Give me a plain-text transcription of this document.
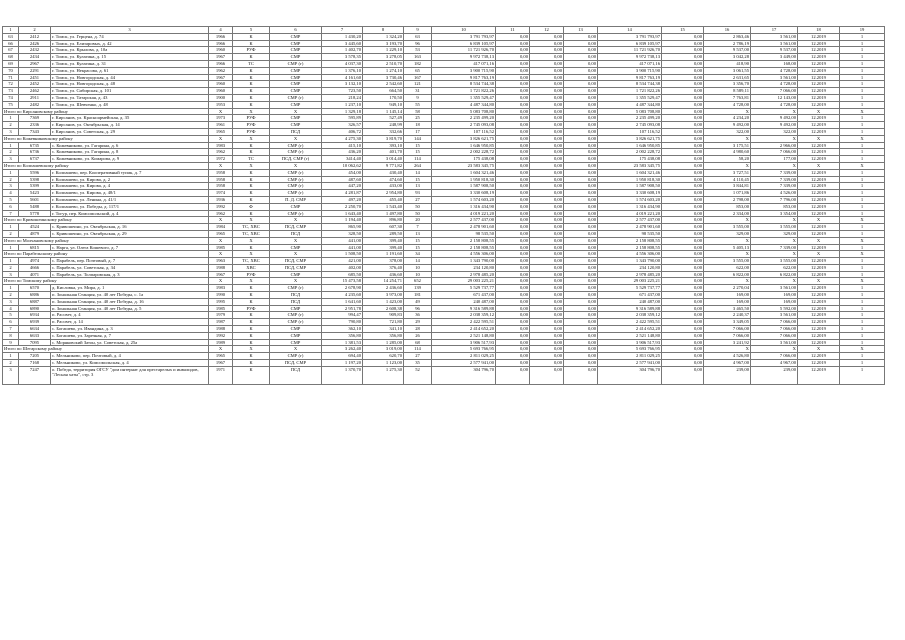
1	2	3	4	5	6	7	8	9	10	11	12	13	14	15	16	17	18	19
63	2412	г. Томск, ул. Герцена, д. 74	1966	К	СМР	1 430,20	1 324,20	63	3 791 793,97	0,00	0,00	0,00	3 791 793,97	0,00	2 863,46	3 561,00	12.2019	1
66	2426	г. Томск, ул. Елизаровых, д. 42	1966	К	СМР	3 445,60	3 193,70	96	6 839 105,97	0,00	0,00	0,00	6 839 105,97	0,00	2 786,19	3 561,00	12.2019	1
67	2432	г. Томск, ул. Крылова, д. 10а	1960	РУФ	СМР	1 402,70	1 229,10	53	11 721 926,70	0,00	0,00	0,00	11 721 926,70	0,00	9 537,00	9 537,00	12.2019	1
68	2434	г. Томск, ул. Кулагина, д. 15	1967	К	СМР	3 578,35	3 278,05	163	9 972 738,13	0,00	0,00	0,00	9 972 738,13	0,00	3 042,28	3 449,00	12.2019	1
69	2967	г. Томск, ул. Кулагина, д. 31	1966	ТС	СМР (г)	4 037,30	2 510,70	182	417 071,16	0,00	0,00	0,00	417 071,16	0,00	418,90	168,00	12.2019	1
70	2291	г. Томск, ул. Некрасова, д. 61	1962	К	СМР	1 376,10	1 274,10	65	3 900 715,90	0,00	0,00	0,00	3 900 715,90	0,00	3 061,55	4 728,00	12.2019	1
71	2451	г. Томск, ул. Новгородская, д. 44	1967	К	СМР	4 161,60	3 730,46	167	9 817 763,19	0,00	0,00	0,00	9 817 763,19	0,00	2 631,65	3 561,00	12.2019	1
72	2452	г. Томск, ул. Новгородская, д. 48	1960	К	СМР	3 132,10	2 542,60	121	8 534 744,38	0,00	0,00	0,00	8 534 744,38	0,00	3 356,70	4 728,00	12.2019	1
73	2462	г. Томск, ул. Сибирская, д. 101	1960	К	СМР	723,50	664,50	31	1 721 822,26	0,00	0,00	0,00	1 721 822,26	0,00	8 589,11	7 066,00	12.2019	1
74	2911	г. Томск, ул. Татарская, д. 43	1900	К	СМР (г)	218,24	170,50	9	1 355 529,47	0,00	0,00	0,00	1 355 529,47	0,00	7 763,81	12 143,00	12.2019	1
75	2482	г. Томск, ул. Шевченко, д. 48	1953	К	СМР	1 237,10	949,10	55	4 487 344,80	0,00	0,00	0,00	4 487 344,80	0,00	4 728,00	4 728,00	12.2019	1
Итого по Кирсановскому району			X	X	X	1 329,18	1 145,14	58	5 083 708,80	0,00	0,00	0,00	5 083 708,80	0,00	X	X	X	X
1	7369	г. Кирсанов, ул. Красноармейская, д. 35	1973	РУФ	СМР	595,89	527,49	25	2 235 499,20	0,00	0,00	0,00	2 235 499,20	0,00	4 234,20	9 492,00	12.2019	1
2	2336	г. Кирсанов, ул. Октябрьская, д. 14	1961	РУФ	СМР	326,57	248,99	18	2 745 093,08	0,00	0,00	0,00	2 745 093,08	0,00	9 492,00	9 492,00	12.2019	1
3	7343	г. Кирсанов, ул. Советская, д. 29	1965	РУФ	ПСД	406,72	332,66	17	107 116,52	0,00	0,00	0,00	107 116,52	0,00	322,00	322,00	12.2019	1
Итого по Кожевниковскому району			X	X	X	4 275,30	3 819,70	144	3 826 621,75	0,00	0,00	0,00	3 826 621,75	0,00	X	X	X	X
1	6735	с. Кожевниково, ул. Гагарина, д. 6	1983	К	СМР (г)	415,10	393,10	15	1 646 950,85	0,00	0,00	0,00	1 646 950,85	0,00	3 175,51	2 966,00	12.2019	1
2	6736	с. Кожевниково, ул. Гагарина, д. 8	1962	К	СМР (г)	436,20	401,70	15	2 002 228,72	0,00	0,00	0,00	2 002 228,72	0,00	4 980,60	7 066,00	12.2019	1
3	6737	с. Кожевниково, ул. Комарова, д. 9	1972	ТС	ПСД, СМР (г)	3414,40	3 014,40	114	175 438,08	0,00	0,00	0,00	175 438,08	0,00	58,20	177,00	12.2019	1
Итого по Колпашевскому району			X	X	X	10 062,62	9 771,82	264	23 583 345,75	0,00	0,00	0,00	23 583 345,75	0,00	X	X	X	X
1	5596	г. Колпашево, пер. Кооперативный тупик, д. 7	1958	К	СМР (г)	454,00	430,40	14	1 604 321,46	0,00	0,00	0,00	1 604 321,46	0,00	3 727,51	7 339,00	12.2019	1
2	5398	г. Колпашево, ул. Кирова, д. 2	1958	К	СМР (г)	487,60	474,60	15	1 950 818,30	0,00	0,00	0,00	1 950 818,30	0,00	4 110,45	7 339,00	12.2019	1
3	5399	г. Колпашево, ул. Кирова, д. 4	1958	К	СМР (г)	447,20	433,00	13	1 587 908,50	0,00	0,00	0,00	1 587 908,50	0,00	3 844,81	7 339,00	12.2019	1
4	5423	г. Колпашево, ул. Кирова, д. 48/1	1974	К	СМР (г)	4 281,87	2 954,80	93	3 330 608,19	0,00	0,00	0,00	3 330 608,19	0,00	1 071,86	4 526,00	12.2019	1
5	5601	г. Колпашево, ул. Ленина, д. 41/1	1936	К	П. Д. СМР	497,20	455,40	27	1 574 603,20	0,00	0,00	0,00	1 574 603,20	0,00	2 798,00	7 796,00	12.2019	1
6	5488	г. Колпашево, ул. Победы, д. 117/1	1992	Ф	СМР	2 250,70	1 543,40	50	1 316 434,90	0,00	0,00	0,00	1 316 434,90	0,00	853,00	853,00	12.2019	1
7	5778	г. Тогур, пер. Комсомольский, д. 4	1962	К	СМР (г)	1 643,40	1 497,80	50	4 019 221,20	0,00	0,00	0,00	4 019 221,20	0,00	2 334,00	3 354,00	12.2019	1
Итого по Кривошеинскому району			X	X	X	1 194,40	896,80	20	2 577 437,00	0,00	0,00	0,00	2 577 437,00	0,00	X	X	X	X
1	4524	с. Кривошеино, ул. Октябрьская, д. 16	1984	ТС, ХВС	ПСД, СМР	865,90	607,30	7	2 478 901,60	0,00	0,00	0,00	2 478 901,60	0,00	3 555,00	3 555,00	12.2019	1
2	4879	с. Кривошеино, ул. Октябрьская, д. 29	1965	ТС, ХВС	ПСД	328,50	289,50	13	98 535,50	0,00	0,00	0,00	98 535,50	0,00	329,00	329,00	12.2019	1
Итого по Молчановскому району			X	X	X	441,00	399,40	15	2 158 808,55	0,00	0,00	0,00	2 158 808,55	0,00	X	X	X	X
1	6815	с. Нарга, ул. Олега Кошевого, д. 7	1985	К	СМР	441,00	399,40	15	2 158 808,55	0,00	0,00	0,00	2 158 808,55	0,00	5 405,13	7 339,00	12.2019	1
Итого по Парабельскому району			X	X	X	1 508,50	1 191,60	34	4 556 306,00	0,00	0,00	0,00	4 556 306,00	0,00	X	X	X	X
1	4974	с. Парабель, пер. Почтовый, д. 7	1963	ТС, ХВС	ПСД, СМР	421,00	378,00	14	1 343 790,00	0,00	0,00	0,00	1 343 790,00	0,00	3 555,00	3 555,00	12.2019	1
2	4666	с. Парабель, ул. Советская, д. 34	1988	ХВС	ПСД, СМР	402,00	376,40	10	234 120,80	0,00	0,00	0,00	234 120,80	0,00	622,00	622,00	12.2019	1
3	4071	с. Парабель, ул. Толпаровская, д. 3	1967	РУФ	СМР	685,50	436,60	10	2 978 485,20	0,00	0,00	0,00	2 978 485,20	0,00	6 822,00	6 822,00	12.2019	1
Итого по Томскому району			X	X	X	15 473,58	14 254,71	652	29 003 225,21	0,00	0,00	0,00	29 003 225,21	0,00	X	X	X	X
1	6570	д. Кисловка, ул. Мира, д. 1	1983	К	СМР (г)	2 678,90	2 436,60	139	5 529 737,77	0,00	0,00	0,00	5 529 737,77	0,00	2 270,04	3 561,00	12.2019	1
2	6886	п. Зональная Станция, ул. 40 лет Победы, с. 1а	1990	К	ПСД	4 235,60	3 973,00	181	671 437,00	0,00	0,00	0,00	671 437,00	0,00	169,00	169,00	12.2019	1
3	6887	п. Зональная Станция, ул. 40 лет Победы, д. 16	1995	К	ПСД	1 641,60	1 423,00	49	240 487,00	0,00	0,00	0,00	240 487,00	0,00	169,00	169,00	12.2019	1
4	6890	п. Зональная Станция, ул. 40 лет Победы, д. 5	1985	РУФ	СМР	2 951,78	2 608,38	96	9 316 589,88	0,00	0,00	0,00	9 316 589,88	0,00	3 465,50	5 592,00	12.2019	1
5	6934	п. Рассвет, д. 4	1979	К	СМР (г)	994,47	909,83	36	2 038 359,12	0,00	0,00	0,00	2 038 359,12	0,00	2 240,37	3 561,00	12.2019	1
6	6939	п. Рассвет, д. 14	1987	К	СМР (г)	790,80	721,80	29	2 422 595,51	0,00	0,00	0,00	2 422 595,51	0,00	3 349,05	7 066,00	12.2019	1
7	6634	с. Богашево, ул. Ивандина, д. 3	1988	К	СМР	362,10	341,10	28	2 414 652,20	0,00	0,00	0,00	2 414 652,20	0,00	7 066,00	7 066,00	12.2019	1
8	6633	с. Богашево, ул. Заречная, д. 7	1992	К	СМР	356,80	356,80	26	2 521 148,80	0,00	0,00	0,00	2 521 148,80	0,00	7 066,00	7 066,00	12.2019	1
9	7095	с. Моряковский Затон, ул. Советская, д. 25а	1989	К	СМР	1 381,53	1 285,00	68	3 906 517,93	0,00	0,00	0,00	3 906 517,93	0,00	3 241,92	3 561,00	12.2019	1
Итого по Шегарскому району			X	X	X	3 262,40	3 019,00	114	5 693 766,95	0,00	0,00	0,00	5 693 766,95	0,00	X	X	X	X
1	7205	с. Мельниково, пер. Почтовый, д. 4	1965	К	СМР (г)	694,40	620,70	27	2 811 029,25	0,00	0,00	0,00	2 811 029,25	0,00	4 526,80	7 066,00	12.2019	1
2	7168	с. Мельниково, ул. Комсомольская, д. 4	1967	К	ПСД, СМР	1 197,20	1 123,00	35	2 577 941,00	0,00	0,00	0,00	2 577 941,00	0,00	4 967,00	4 967,00	12.2019	1
3	7247	о. Победа, территория ОГСУ "дом интернат для престарелых и инвалидов, "Лесная хаты", стр. 3	1971	К	ПСД	1 370,70	1 275,30	52	304 796,70	0,00	0,00	0,00	304 796,70	0,00	239,00	239,00	12.2019	1
